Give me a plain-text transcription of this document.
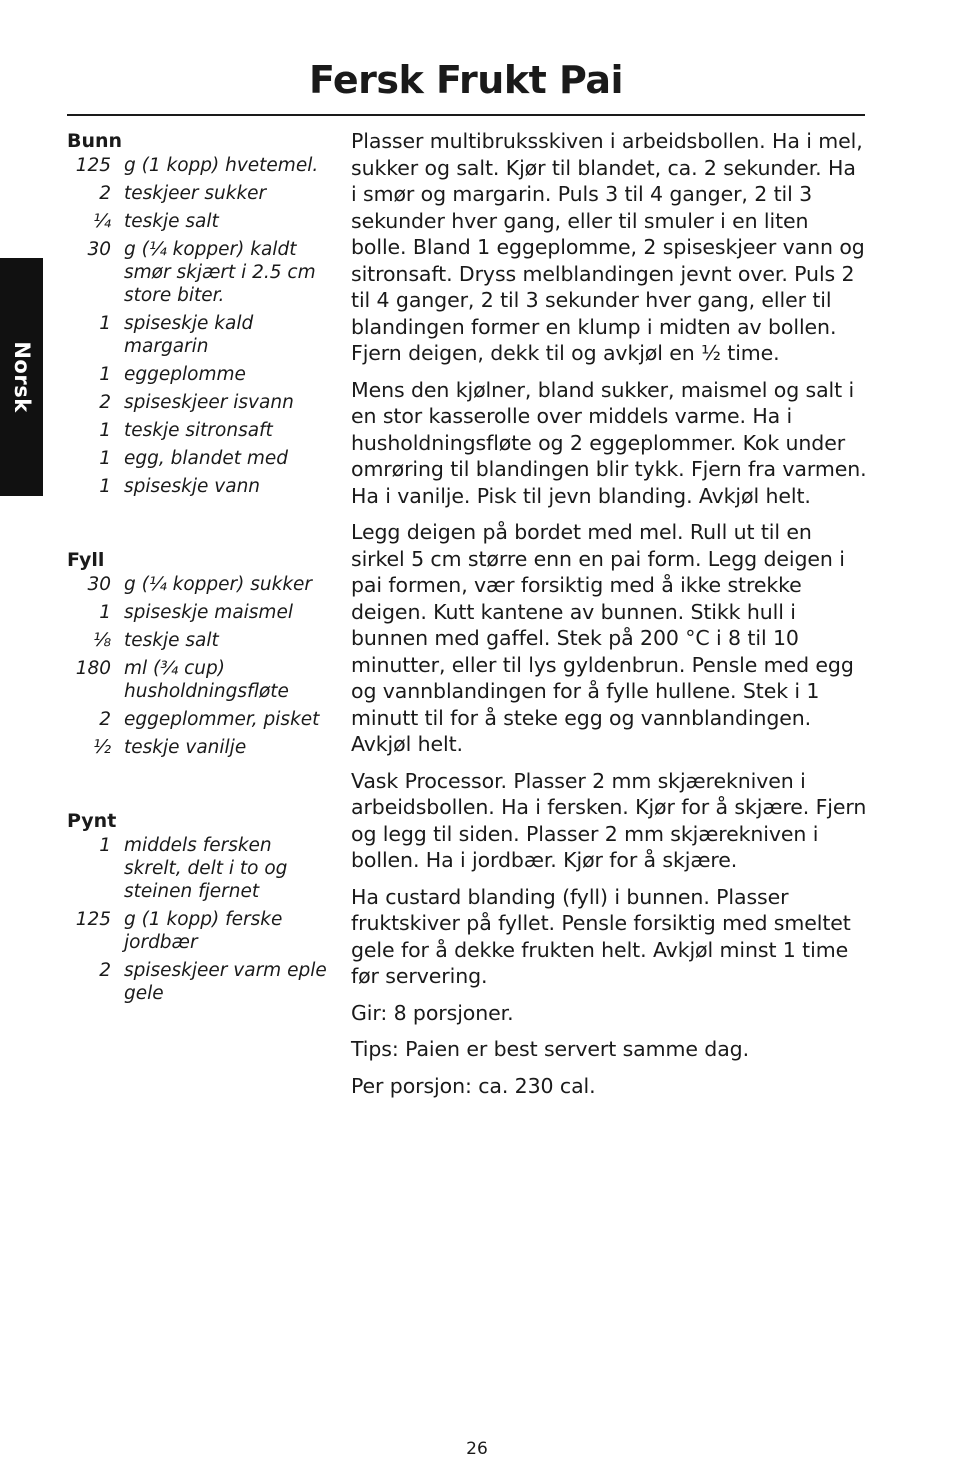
Fersk Frukt Pai
Norsk
Bunn
125 g (1 kopp) hvetemel.
2 teskjeer sukker
¼ teskje salt
30 g (¼ kopper) kaldt smør skjært i 2.5 cm store biter.
1 spiseskje kald margarin
1 eggeplomme
2 spiseskjeer isvann
1 teskje sitronsaft
1 egg, blandet med
1 spiseskje vann
Fyll
30 g (¼ kopper) sukker
1 spiseskje maismel
⅛ teskje salt
180 ml (¾ cup) husholdningsfløte
2 eggeplommer, pisket
½ teskje vanilje
Pynt
1 middels fersken skrelt, delt i to og steinen fjernet
125 g (1 kopp) ferske jordbær
2 spiseskjeer varm eple gele

Plasser multibruksskiven i arbeidsbollen. Ha i mel, sukker og salt. Kjør til blandet, ca. 2 sekunder. Ha i smør og margarin. Puls 3 til 4 ganger, 2 til 3 sekunder hver gang, eller til smuler i en liten bolle. Bland 1 eggeplomme, 2 spiseskjeer vann og sitronsaft. Dryss melblandingen jevnt over. Puls 2 til 4 ganger, 2 til 3 sekunder hver gang, eller til blandingen former en klump i midten av bollen. Fjern deigen, dekk til og avkjøl en ½ time.

Mens den kjølner, bland sukker, maismel og salt i en stor kasserolle over middels varme. Ha i husholdningsfløte og 2 eggeplommer. Kok under omrøring til blandingen blir tykk. Fjern fra varmen. Ha i vanilje. Pisk til jevn blanding. Avkjøl helt.

Legg deigen på bordet med mel. Rull ut til en sirkel 5 cm større enn en pai form. Legg deigen i pai formen, vær forsiktig med å ikke strekke deigen. Kutt kantene av bunnen. Stikk hull i bunnen med gaffel. Stek på 200 °C i 8 til 10 minutter, eller til lys gyldenbrun. Pensle med egg og vannblandingen for å fylle hullene. Stek i 1 minutt til for å steke egg og vannblandingen. Avkjøl helt.

Vask Processor. Plasser 2 mm skjærekniven i arbeidsbollen. Ha i fersken. Kjør for å skjære. Fjern og legg til siden. Plasser 2 mm skjærekniven i bollen. Ha i jordbær. Kjør for å skjære.

Ha custard blanding (fyll) i bunnen. Plasser fruktskiver på fyllet. Pensle forsiktig med smeltet gele for å dekke frukten helt. Avkjøl minst 1 time før servering.

Gir: 8 porsjoner.

Tips: Paien er best servert samme dag.

Per porsjon: ca. 230 cal.

26
